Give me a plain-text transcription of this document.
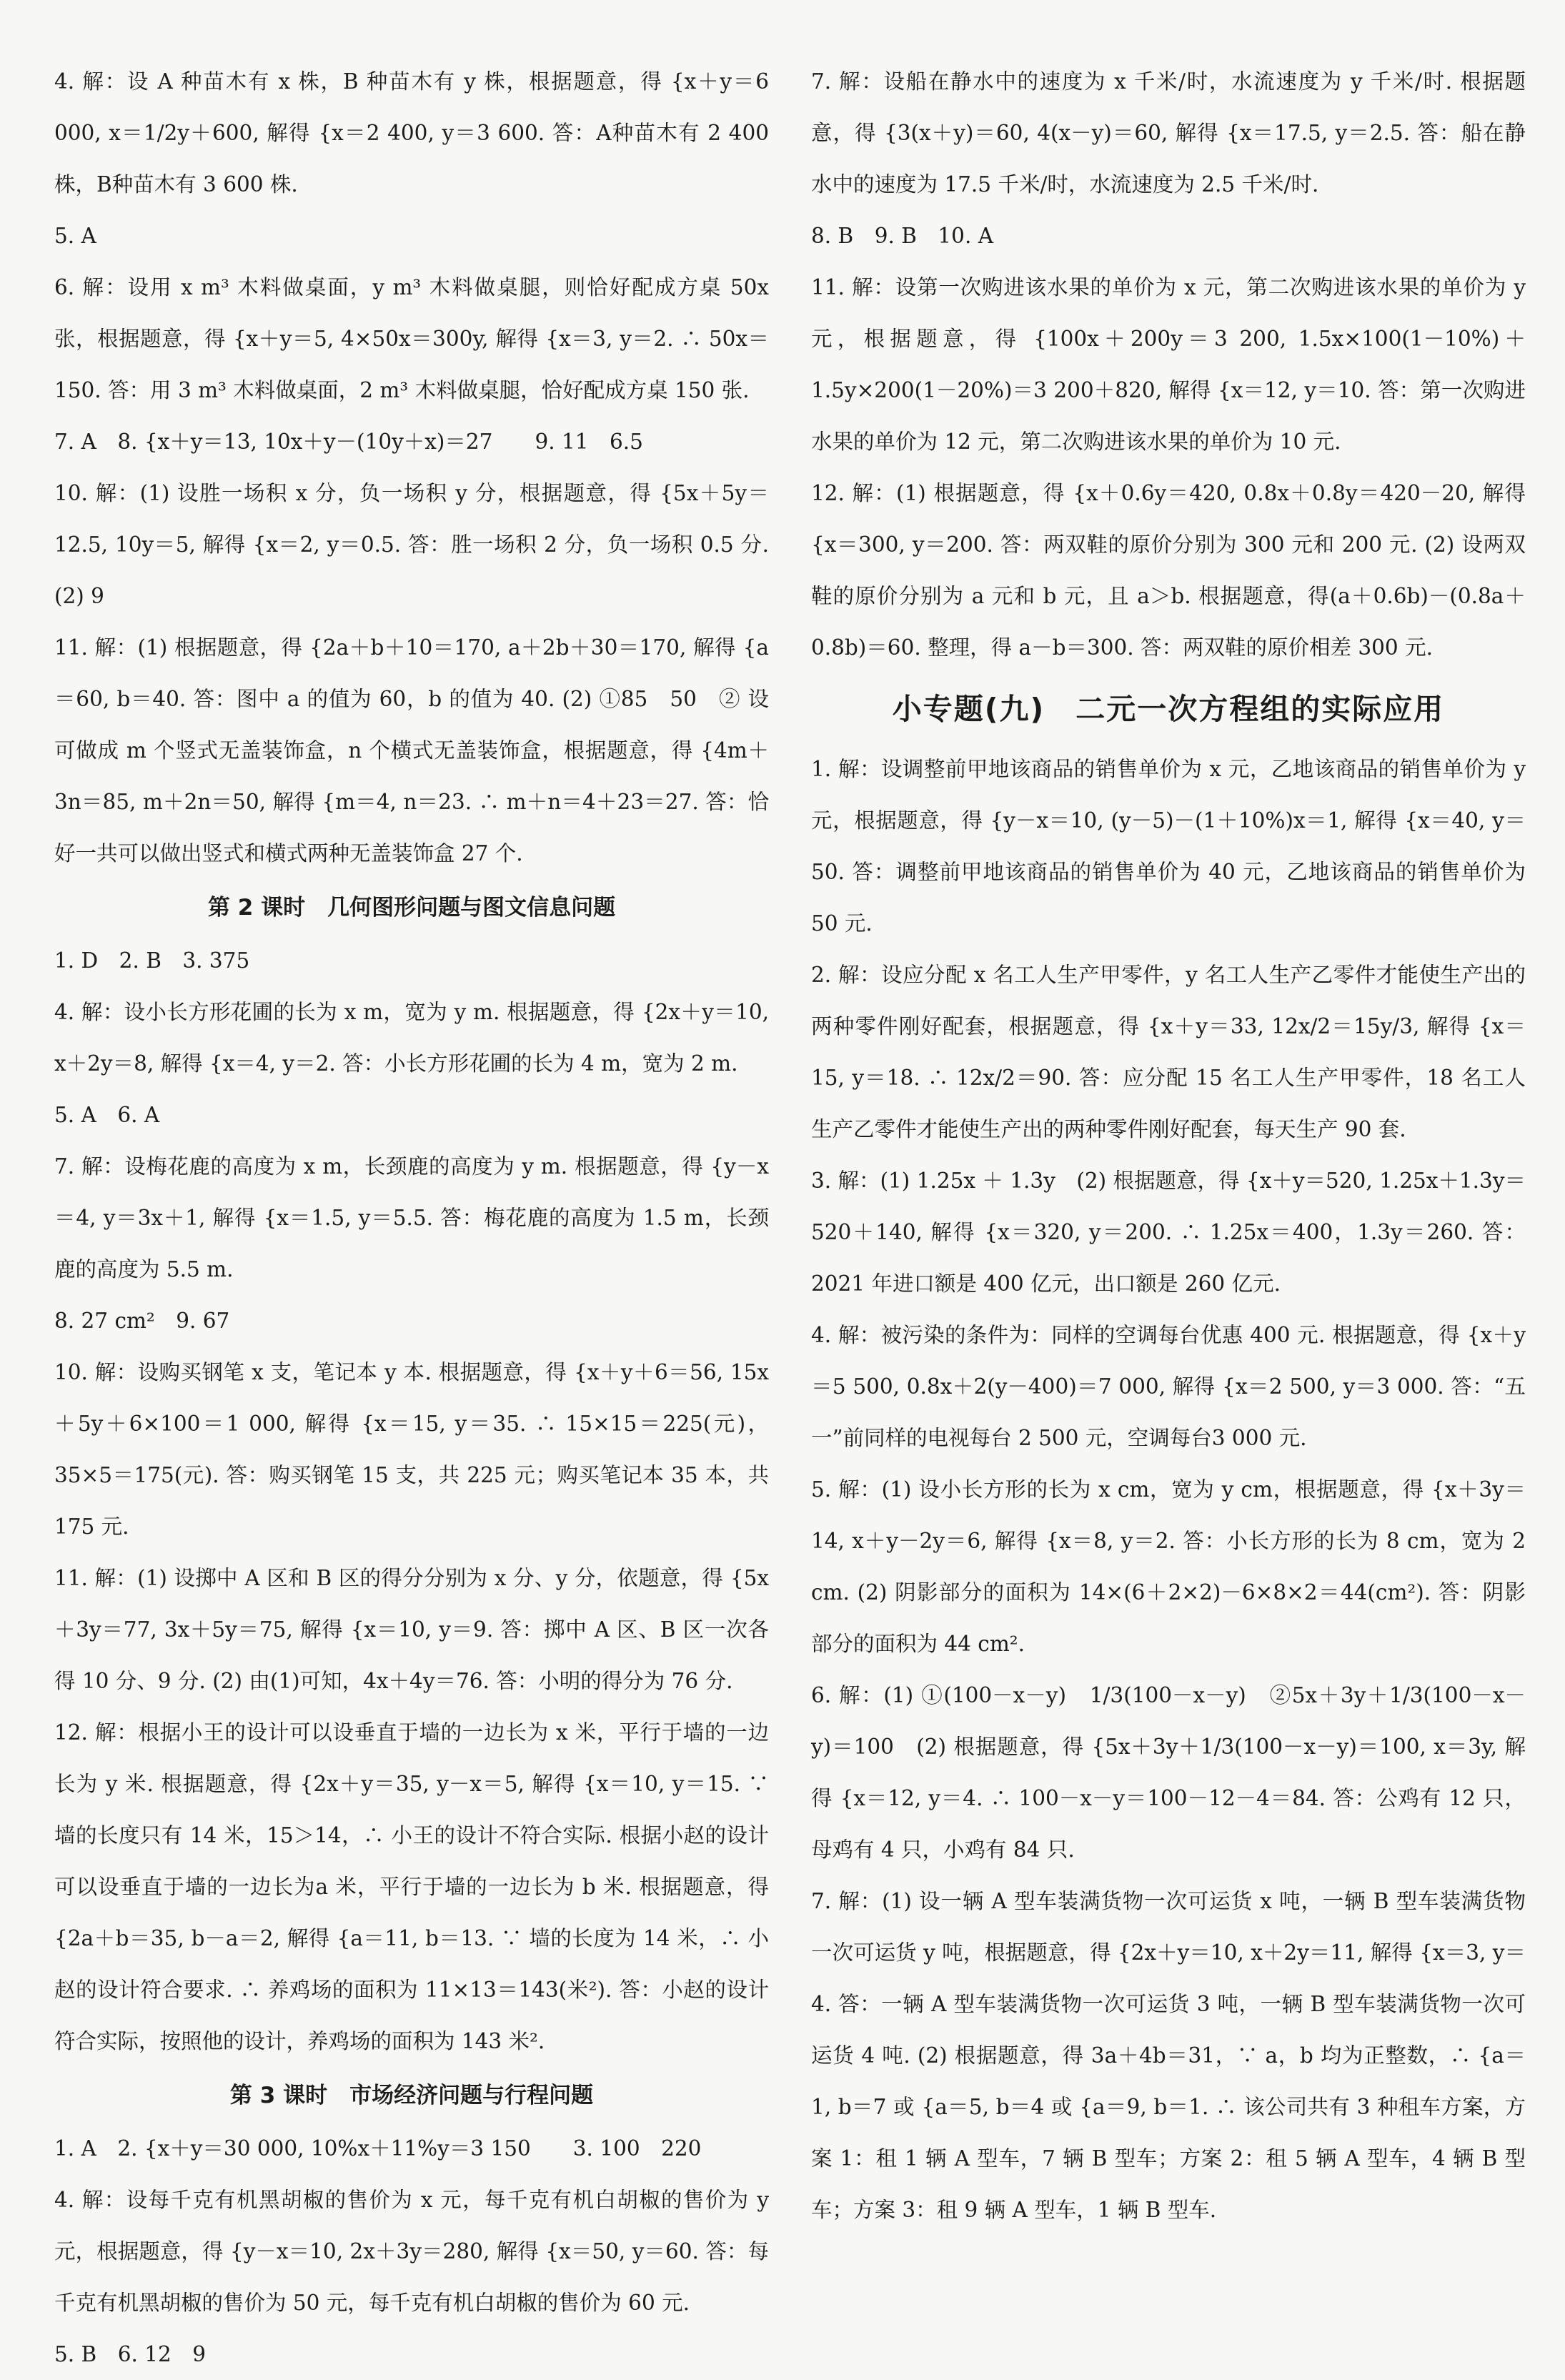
4. 解：设 A 种苗木有 x 株，B 种苗木有 y 株，根据题意，得 {x＋y＝6 000, x＝1/2y＋600, 解得 {x＝2 400, y＝3 600. 答：A种苗木有 2 400 株，B种苗木有 3 600 株.

5. A

6. 解：设用 x m³ 木料做桌面，y m³ 木料做桌腿，则恰好配成方桌 50x 张，根据题意，得 {x＋y＝5, 4×50x＝300y, 解得 {x＝3, y＝2. ∴ 50x＝150. 答：用 3 m³ 木料做桌面，2 m³ 木料做桌腿，恰好配成方桌 150 张.

7. A　8. {x＋y＝13, 10x＋y－(10y＋x)＝27　　9. 11　6.5

10. 解：(1) 设胜一场积 x 分，负一场积 y 分，根据题意，得 {5x＋5y＝12.5, 10y＝5, 解得 {x＝2, y＝0.5. 答：胜一场积 2 分，负一场积 0.5 分. (2) 9

11. 解：(1) 根据题意，得 {2a＋b＋10＝170, a＋2b＋30＝170, 解得 {a＝60, b＝40. 答：图中 a 的值为 60，b 的值为 40. (2) ①85　50　② 设可做成 m 个竖式无盖装饰盒，n 个横式无盖装饰盒，根据题意，得 {4m＋3n＝85, m＋2n＝50, 解得 {m＝4, n＝23. ∴ m＋n＝4＋23＝27. 答：恰好一共可以做出竖式和横式两种无盖装饰盒 27 个.

第 2 课时　几何图形问题与图文信息问题

1. D　2. B　3. 375

4. 解：设小长方形花圃的长为 x m，宽为 y m. 根据题意，得 {2x＋y＝10, x＋2y＝8, 解得 {x＝4, y＝2. 答：小长方形花圃的长为 4 m，宽为 2 m.

5. A　6. A

7. 解：设梅花鹿的高度为 x m，长颈鹿的高度为 y m. 根据题意，得 {y－x＝4, y＝3x＋1, 解得 {x＝1.5, y＝5.5. 答：梅花鹿的高度为 1.5 m，长颈鹿的高度为 5.5 m.

8. 27 cm²　9. 67

10. 解：设购买钢笔 x 支，笔记本 y 本. 根据题意，得 {x＋y＋6＝56, 15x＋5y＋6×100＝1 000, 解得 {x＝15, y＝35. ∴ 15×15＝225(元)，35×5＝175(元). 答：购买钢笔 15 支，共 225 元；购买笔记本 35 本，共 175 元.

11. 解：(1) 设掷中 A 区和 B 区的得分分别为 x 分、y 分，依题意，得 {5x＋3y＝77, 3x＋5y＝75, 解得 {x＝10, y＝9. 答：掷中 A 区、B 区一次各得 10 分、9 分. (2) 由(1)可知，4x＋4y＝76. 答：小明的得分为 76 分.

12. 解：根据小王的设计可以设垂直于墙的一边长为 x 米，平行于墙的一边长为 y 米. 根据题意，得 {2x＋y＝35, y－x＝5, 解得 {x＝10, y＝15. ∵ 墙的长度只有 14 米，15＞14，∴ 小王的设计不符合实际. 根据小赵的设计可以设垂直于墙的一边长为a 米，平行于墙的一边长为 b 米. 根据题意，得 {2a＋b＝35, b－a＝2, 解得 {a＝11, b＝13. ∵ 墙的长度为 14 米，∴ 小赵的设计符合要求. ∴ 养鸡场的面积为 11×13＝143(米²). 答：小赵的设计符合实际，按照他的设计，养鸡场的面积为 143 米².

第 3 课时　市场经济问题与行程问题

1. A　2. {x＋y＝30 000, 10%x＋11%y＝3 150　　3. 100　220

4. 解：设每千克有机黑胡椒的售价为 x 元，每千克有机白胡椒的售价为 y 元，根据题意，得 {y－x＝10, 2x＋3y＝280, 解得 {x＝50, y＝60. 答：每千克有机黑胡椒的售价为 50 元，每千克有机白胡椒的售价为 60 元.

5. B　6. 12　9

7. 解：设船在静水中的速度为 x 千米/时，水流速度为 y 千米/时. 根据题意，得 {3(x＋y)＝60, 4(x－y)＝60, 解得 {x＝17.5, y＝2.5. 答：船在静水中的速度为 17.5 千米/时，水流速度为 2.5 千米/时.

8. B　9. B　10. A

11. 解：设第一次购进该水果的单价为 x 元，第二次购进该水果的单价为 y 元，根据题意，得 {100x＋200y＝3 200, 1.5x×100(1－10%)＋1.5y×200(1－20%)＝3 200＋820, 解得 {x＝12, y＝10. 答：第一次购进水果的单价为 12 元，第二次购进该水果的单价为 10 元.

12. 解：(1) 根据题意，得 {x＋0.6y＝420, 0.8x＋0.8y＝420－20, 解得 {x＝300, y＝200. 答：两双鞋的原价分别为 300 元和 200 元. (2) 设两双鞋的原价分别为 a 元和 b 元，且 a＞b. 根据题意，得(a＋0.6b)－(0.8a＋0.8b)＝60. 整理，得 a－b＝300. 答：两双鞋的原价相差 300 元.

小专题(九)　二元一次方程组的实际应用

1. 解：设调整前甲地该商品的销售单价为 x 元，乙地该商品的销售单价为 y 元，根据题意，得 {y－x＝10, (y－5)－(1＋10%)x＝1, 解得 {x＝40, y＝50. 答：调整前甲地该商品的销售单价为 40 元，乙地该商品的销售单价为 50 元.

2. 解：设应分配 x 名工人生产甲零件，y 名工人生产乙零件才能使生产出的两种零件刚好配套，根据题意，得 {x＋y＝33, 12x/2＝15y/3, 解得 {x＝15, y＝18. ∴ 12x/2＝90. 答：应分配 15 名工人生产甲零件，18 名工人生产乙零件才能使生产出的两种零件刚好配套，每天生产 90 套.

3. 解：(1) 1.25x ＋ 1.3y　(2) 根据题意，得 {x＋y＝520, 1.25x＋1.3y＝520＋140, 解得 {x＝320, y＝200. ∴ 1.25x＝400，1.3y＝260. 答：2021 年进口额是 400 亿元，出口额是 260 亿元.

4. 解：被污染的条件为：同样的空调每台优惠 400 元. 根据题意，得 {x＋y＝5 500, 0.8x＋2(y－400)＝7 000, 解得 {x＝2 500, y＝3 000. 答：“五一”前同样的电视每台 2 500 元，空调每台3 000 元.

5. 解：(1) 设小长方形的长为 x cm，宽为 y cm，根据题意，得 {x＋3y＝14, x＋y－2y＝6, 解得 {x＝8, y＝2. 答：小长方形的长为 8 cm，宽为 2 cm. (2) 阴影部分的面积为 14×(6＋2×2)－6×8×2＝44(cm²). 答：阴影部分的面积为 44 cm².

6. 解：(1) ①(100－x－y)　1/3(100－x－y)　②5x＋3y＋1/3(100－x－y)＝100　(2) 根据题意，得 {5x＋3y＋1/3(100－x－y)＝100, x＝3y, 解得 {x＝12, y＝4. ∴ 100－x－y＝100－12－4＝84. 答：公鸡有 12 只，母鸡有 4 只，小鸡有 84 只.

7. 解：(1) 设一辆 A 型车装满货物一次可运货 x 吨，一辆 B 型车装满货物一次可运货 y 吨，根据题意，得 {2x＋y＝10, x＋2y＝11, 解得 {x＝3, y＝4. 答：一辆 A 型车装满货物一次可运货 3 吨，一辆 B 型车装满货物一次可运货 4 吨. (2) 根据题意，得 3a＋4b＝31，∵ a，b 均为正整数，∴ {a＝1, b＝7 或 {a＝5, b＝4 或 {a＝9, b＝1. ∴ 该公司共有 3 种租车方案，方案 1：租 1 辆 A 型车，7 辆 B 型车；方案 2：租 5 辆 A 型车，4 辆 B 型车；方案 3：租 9 辆 A 型车，1 辆 B 型车.
